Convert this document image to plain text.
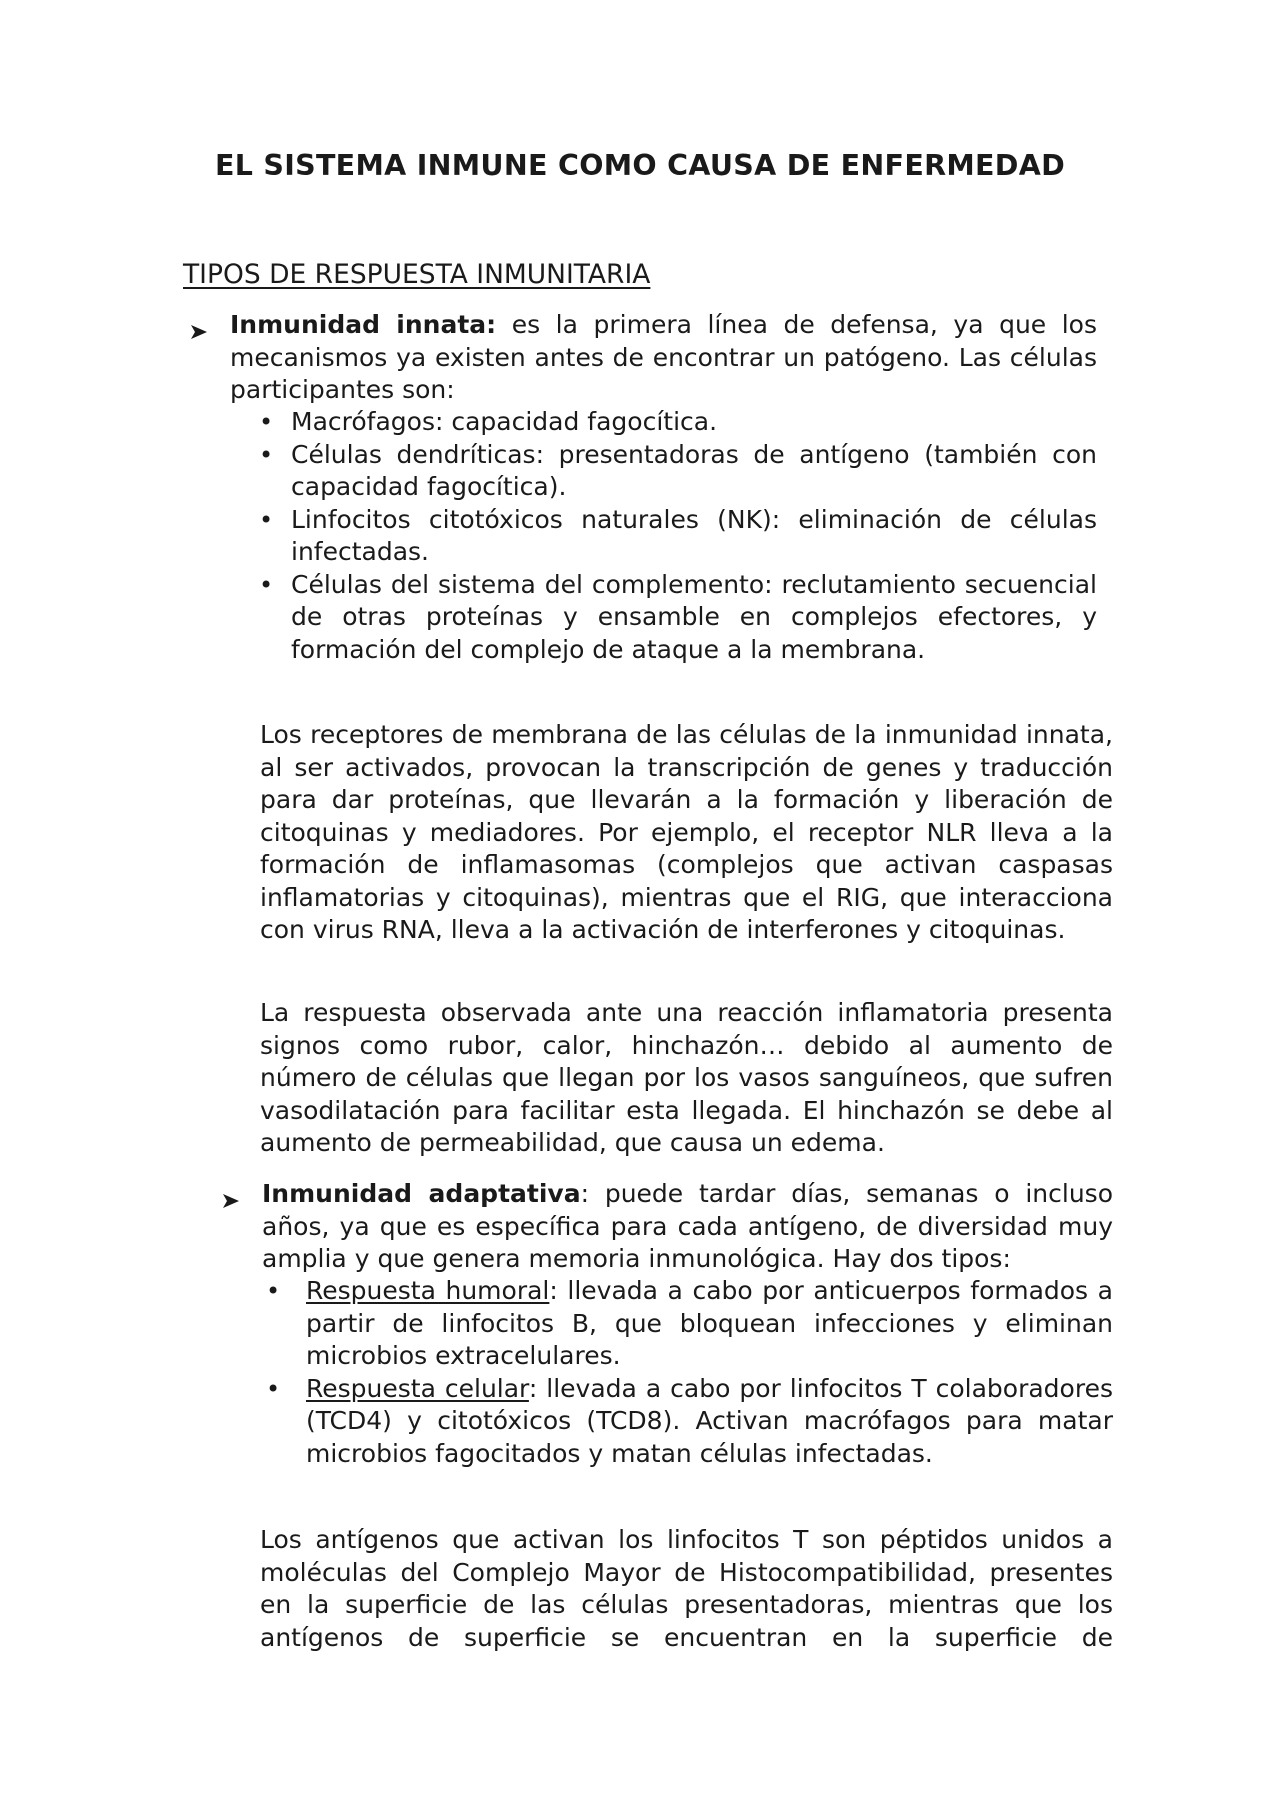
EL SISTEMA INMUNE COMO CAUSA DE ENFERMEDAD
TIPOS DE RESPUESTA INMUNITARIA

Inmunidad innata: es la primera línea de defensa, ya que los mecanismos ya existen antes de encontrar un patógeno. Las células participantes son:

• Macrófagos: capacidad fagocítica.
• Células dendríticas: presentadoras de antígeno (también con capacidad fagocítica).
• Linfocitos citotóxicos naturales (NK): eliminación de células infectadas.
• Células del sistema del complemento: reclutamiento secuencial de otras proteínas y ensamble en complejos efectores, y formación del complejo de ataque a la membrana.

Los receptores de membrana de las células de la inmunidad innata, al ser activados, provocan la transcripción de genes y traducción para dar proteínas, que llevarán a la formación y liberación de citoquinas y mediadores. Por ejemplo, el receptor NLR lleva a la formación de inflamasomas (complejos que activan caspasas inflamatorias y citoquinas), mientras que el RIG, que interacciona con virus RNA, lleva a la activación de interferones y citoquinas.

La respuesta observada ante una reacción inflamatoria presenta signos como rubor, calor, hinchazón… debido al aumento de número de células que llegan por los vasos sanguíneos, que sufren vasodilatación para facilitar esta llegada. El hinchazón se debe al aumento de permeabilidad, que causa un edema.

Inmunidad adaptativa: puede tardar días, semanas o incluso años, ya que es específica para cada antígeno, de diversidad muy amplia y que genera memoria inmunológica. Hay dos tipos:

• Respuesta humoral: llevada a cabo por anticuerpos formados a partir de linfocitos B, que bloquean infecciones y eliminan microbios extracelulares.
• Respuesta celular: llevada a cabo por linfocitos T colaboradores (TCD4) y citotóxicos (TCD8). Activan macrófagos para matar microbios fagocitados y matan células infectadas.

Los antígenos que activan los linfocitos T son péptidos unidos a moléculas del Complejo Mayor de Histocompatibilidad, presentes en la superficie de las células presentadoras, mientras que los antígenos de superficie se encuentran en la superficie de
